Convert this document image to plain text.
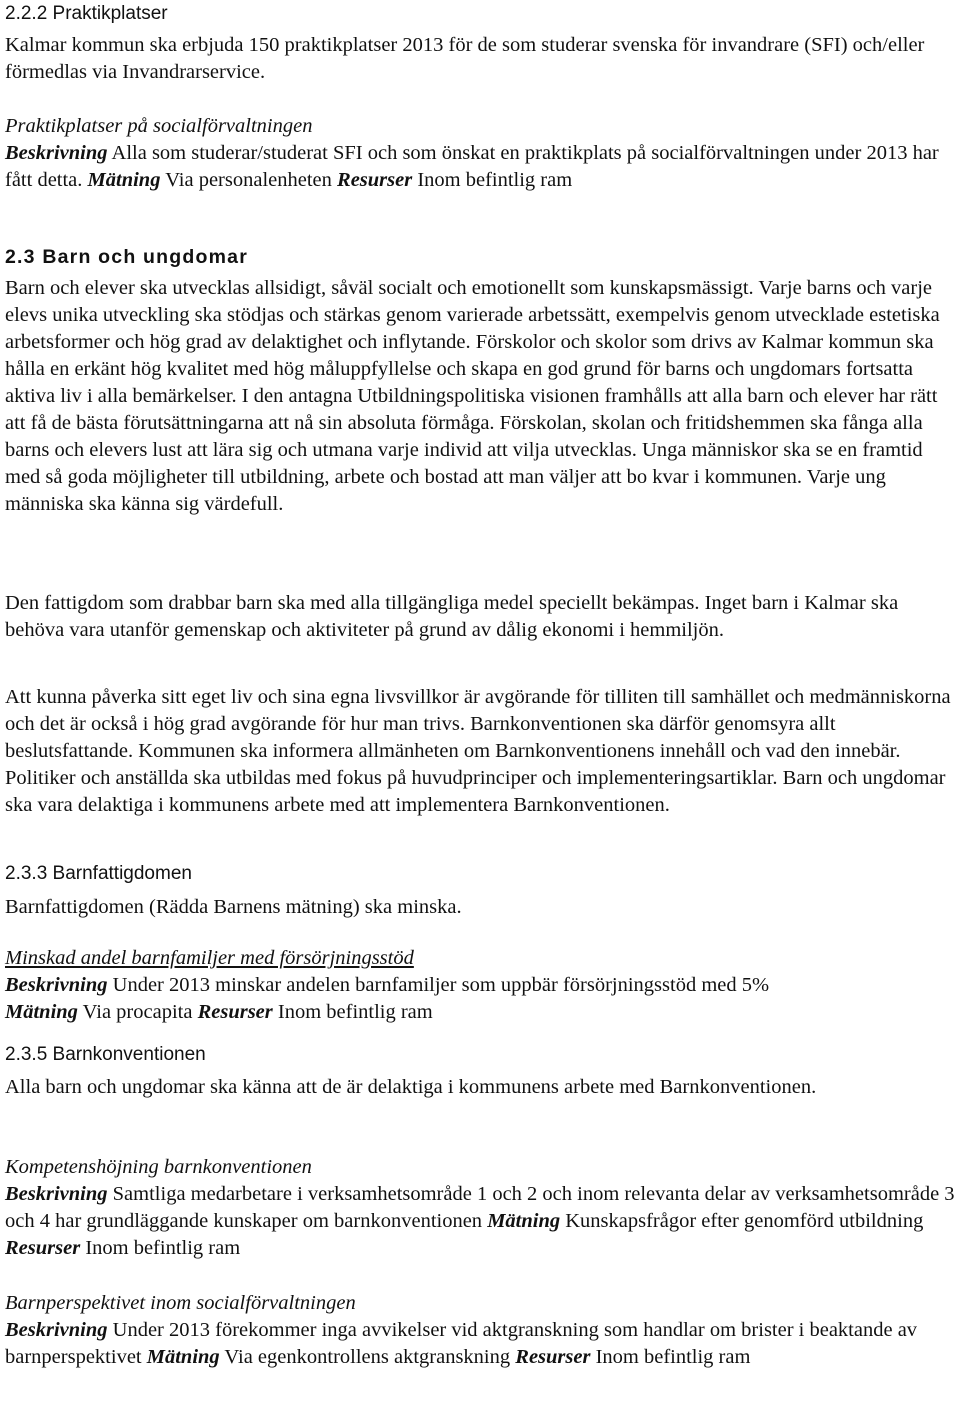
2.2.2 Praktikplatser

Kalmar kommun ska erbjuda 150 praktikplatser 2013 för de som studerar svenska för invandrare (SFI) och/eller förmedlas via Invandrarservice.

Praktikplatser på socialförvaltningen

Beskrivning Alla som studerar/studerat SFI och som önskat en praktikplats på socialförvaltningen under 2013 har fått detta. Mätning Via personalenheten Resurser Inom befintlig ram

2.3 Barn och ungdomar

Barn och elever ska utvecklas allsidigt, såväl socialt och emotionellt som kunskapsmässigt. Varje barns och varje elevs unika utveckling ska stödjas och stärkas genom varierade arbetssätt, exempelvis genom utvecklade estetiska arbetsformer och hög grad av delaktighet och inflytande. Förskolor och skolor som drivs av Kalmar kommun ska hålla en erkänt hög kvalitet med hög måluppfyllelse och skapa en god grund för barns och ungdomars fortsatta aktiva liv i alla bemärkelser. I den antagna Utbildningspolitiska visionen framhålls att alla barn och elever har rätt att få de bästa förutsättningarna att nå sin absoluta förmåga. Förskolan, skolan och fritidshemmen ska fånga alla barns och elevers lust att lära sig och utmana varje individ att vilja utvecklas. Unga människor ska se en framtid med så goda möjligheter till utbildning, arbete och bostad att man väljer att bo kvar i kommunen. Varje ung människa ska känna sig värdefull.

Den fattigdom som drabbar barn ska med alla tillgängliga medel speciellt bekämpas. Inget barn i Kalmar ska behöva vara utanför gemenskap och aktiviteter på grund av dålig ekonomi i hemmiljön.

Att kunna påverka sitt eget liv och sina egna livsvillkor är avgörande för tilliten till samhället och medmänniskorna och det är också i hög grad avgörande för hur man trivs. Barnkonventionen ska därför genomsyra allt beslutsfattande. Kommunen ska informera allmänheten om Barnkonventionens innehåll och vad den innebär. Politiker och anställda ska utbildas med fokus på huvudprinciper och implementeringsartiklar. Barn och ungdomar ska vara delaktiga i kommunens arbete med att implementera Barnkonventionen.

2.3.3 Barnfattigdomen

Barnfattigdomen (Rädda Barnens mätning) ska minska.

Minskad andel barnfamiljer med försörjningsstöd

Beskrivning Under 2013 minskar andelen barnfamiljer som uppbär försörjningsstöd med 5%
Mätning Via procapita Resurser Inom befintlig ram

2.3.5 Barnkonventionen

Alla barn och ungdomar ska känna att de är delaktiga i kommunens arbete med Barnkonventionen.

Kompetenshöjning barnkonventionen

Beskrivning Samtliga medarbetare i verksamhetsområde 1 och 2 och inom relevanta delar av verksamhetsområde 3 och 4 har grundläggande kunskaper om barnkonventionen Mätning Kunskapsfrågor efter genomförd utbildning Resurser Inom befintlig ram

Barnperspektivet inom socialförvaltningen

Beskrivning Under 2013 förekommer inga avvikelser vid aktgranskning som handlar om brister i beaktande av barnperspektivet Mätning Via egenkontrollens aktgranskning Resurser Inom befintlig ram
